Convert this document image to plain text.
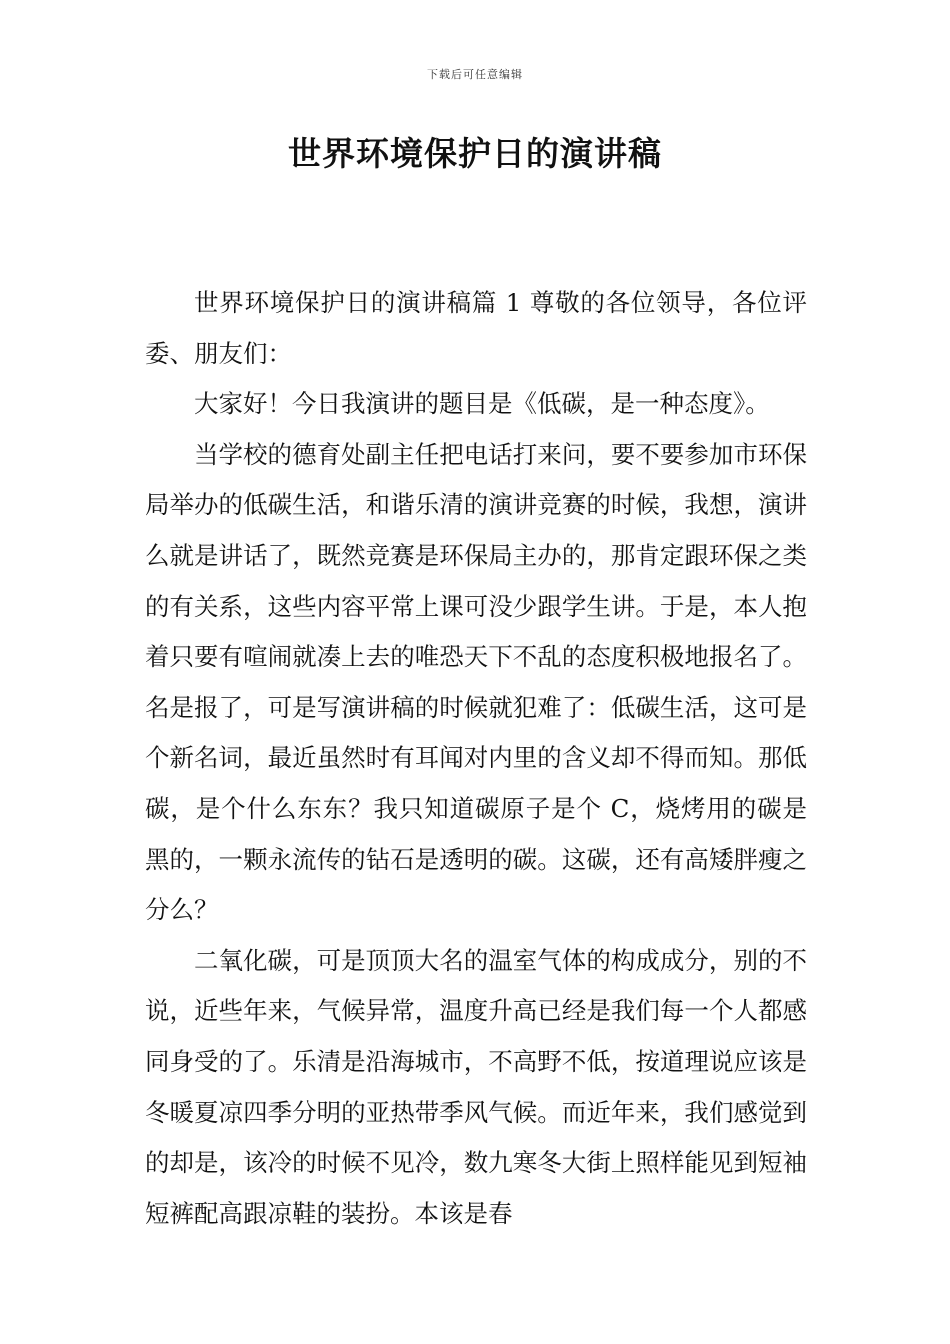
下载后可任意编辑
世界环境保护日的演讲稿

世界环境保护日的演讲稿篇 1 尊敬的各位领导，各位评委、朋友们：

大家好！今日我演讲的题目是《低碳，是一种态度》。

当学校的德育处副主任把电话打来问，要不要参加市环保局举办的低碳生活，和谐乐清的演讲竞赛的时候，我想，演讲么就是讲话了，既然竞赛是环保局主办的，那肯定跟环保之类的有关系，这些内容平常上课可没少跟学生讲。于是，本人抱着只要有喧闹就凑上去的唯恐天下不乱的态度积极地报名了。名是报了，可是写演讲稿的时候就犯难了：低碳生活，这可是个新名词，最近虽然时有耳闻对内里的含义却不得而知。那低碳，是个什么东东？我只知道碳原子是个 C，烧烤用的碳是黑的，一颗永流传的钻石是透明的碳。这碳，还有高矮胖瘦之分么？

二氧化碳，可是顶顶大名的温室气体的构成成分，别的不说，近些年来，气候异常，温度升高已经是我们每一个人都感同身受的了。乐清是沿海城市，不高野不低，按道理说应该是冬暖夏凉四季分明的亚热带季风气候。而近年来，我们感觉到的却是，该冷的时候不见冷，数九寒冬大街上照样能见到短袖短裤配高跟凉鞋的装扮。本该是春
